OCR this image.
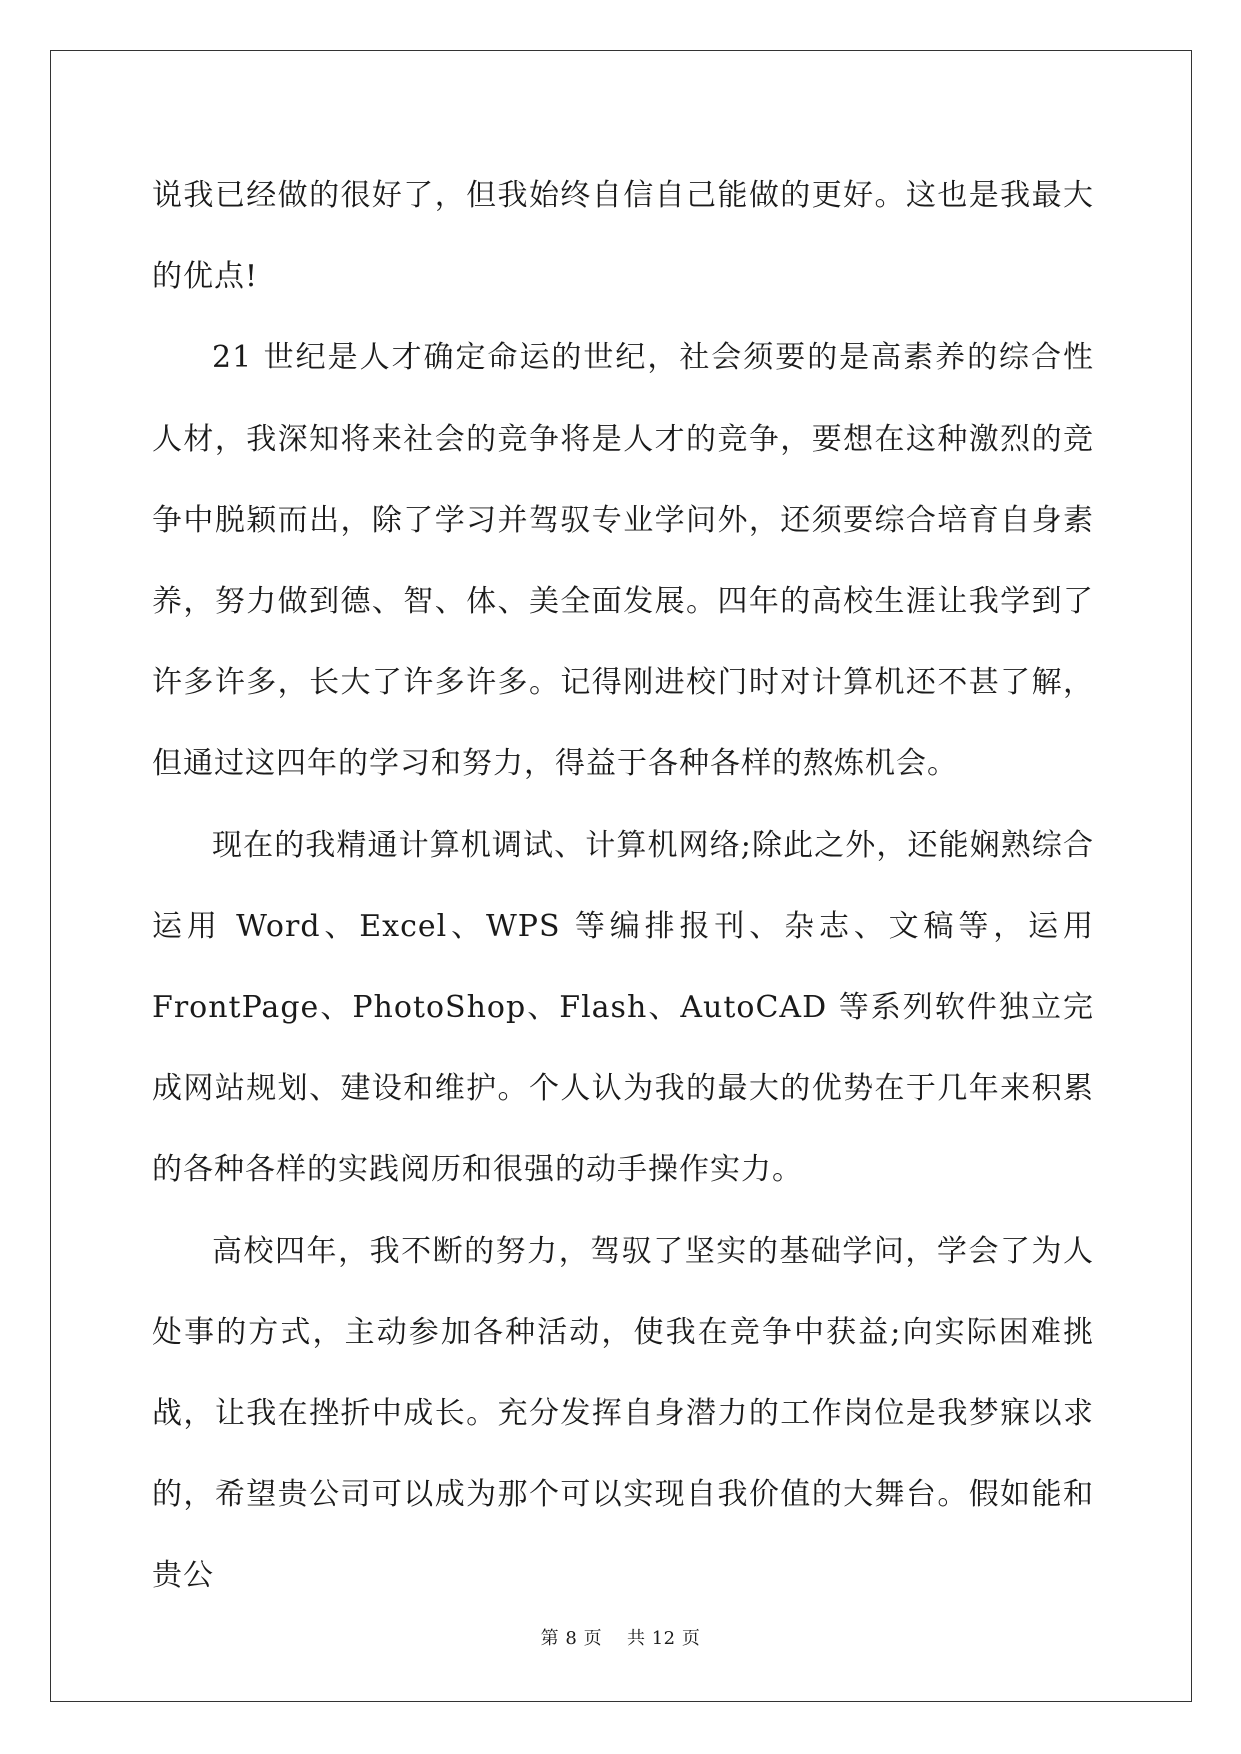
说我已经做的很好了，但我始终自信自己能做的更好。这也是我最大的优点!

21 世纪是人才确定命运的世纪，社会须要的是高素养的综合性人材，我深知将来社会的竞争将是人才的竞争，要想在这种激烈的竞争中脱颖而出，除了学习并驾驭专业学问外，还须要综合培育自身素养，努力做到德、智、体、美全面发展。四年的高校生涯让我学到了许多许多，长大了许多许多。记得刚进校门时对计算机还不甚了解，但通过这四年的学习和努力，得益于各种各样的熬炼机会。

现在的我精通计算机调试、计算机网络;除此之外，还能娴熟综合运用 Word、Excel、WPS 等编排报刊、杂志、文稿等，运用 FrontPage、PhotoShop、Flash、AutoCAD 等系列软件独立完成网站规划、建设和维护。个人认为我的最大的优势在于几年来积累的各种各样的实践阅历和很强的动手操作实力。

高校四年，我不断的努力，驾驭了坚实的基础学问，学会了为人处事的方式，主动参加各种活动，使我在竞争中获益;向实际困难挑战，让我在挫折中成长。充分发挥自身潜力的工作岗位是我梦寐以求的，希望贵公司可以成为那个可以实现自我价值的大舞台。假如能和贵公

第 8 页 共 12 页
